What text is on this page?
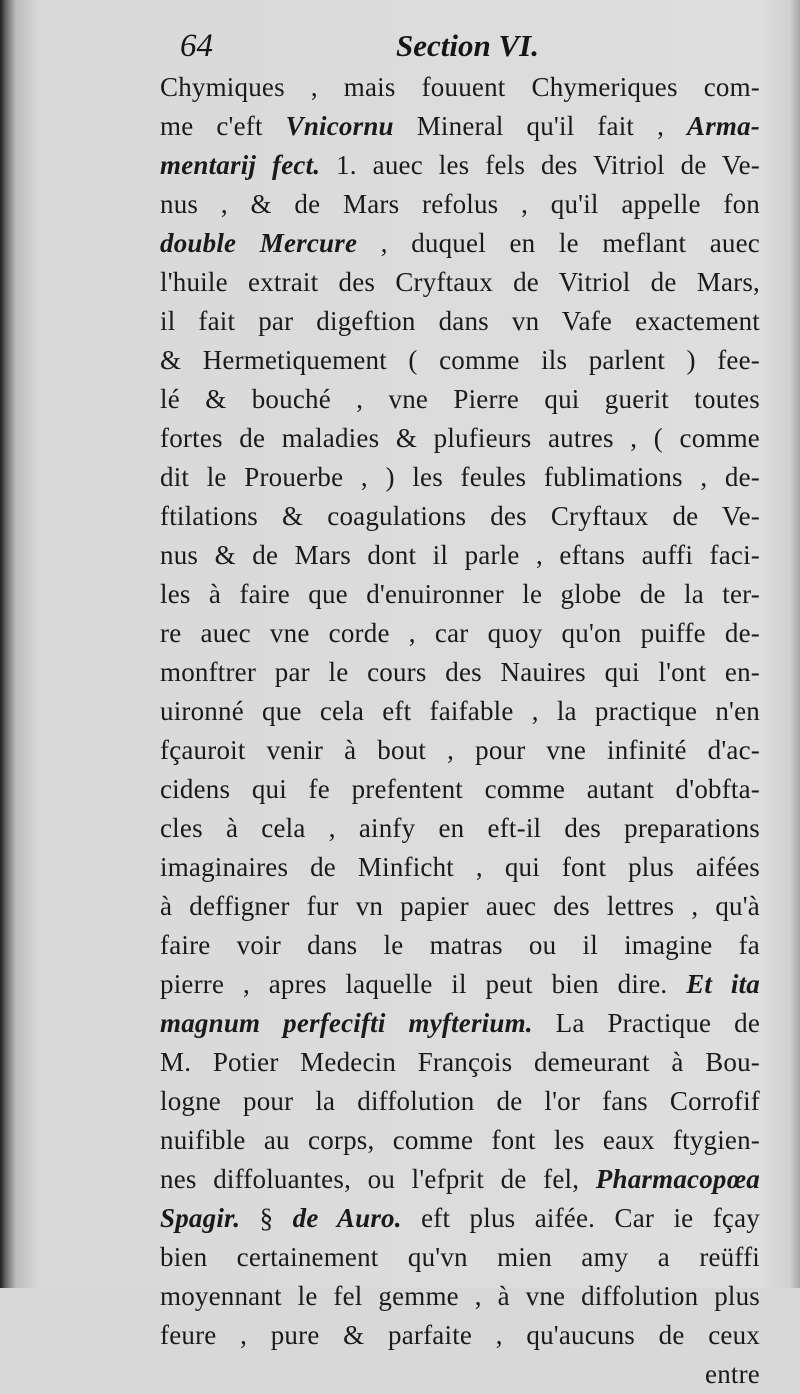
64	Section VI.
Chymiques , mais fouuent Chymeriques com-
me c'eft Vnicornu Mineral qu'il fait , Arma-
mentarij fect. 1. auec les fels des Vitriol de Ve-
nus , & de Mars refolus , qu'il appelle fon
double Mercure , duquel en le meflant auec
l'huile extrait des Cryftaux de Vitriol de Mars,
il fait par digeftion dans vn Vafe exactement
& Hermetiquement ( comme ils parlent ) fee-
lé & bouché , vne Pierre qui guerit toutes
fortes de maladies & plufieurs autres , ( comme
dit le Prouerbe , ) les feules fublimations , de-
ftilations & coagulations des Cryftaux de Ve-
nus & de Mars dont il parle , eftans auffi faci-
les à faire que d'enuironner le globe de la ter-
re auec vne corde , car quoy qu'on puiffe de-
monftrer par le cours des Nauires qui l'ont en-
uironné que cela eft faifable , la practique n'en
fçauroit venir à bout , pour vne infinité d'ac-
cidens qui fe prefentent comme autant d'obfta-
cles à cela , ainfy en eft-il des preparations
imaginaires de Minficht , qui font plus aifées
à deffigner fur vn papier auec des lettres , qu'à
faire voir dans le matras ou il imagine fa
pierre , apres laquelle il peut bien dire. Et ita
magnum perfecifti myfterium. La Practique de
M. Potier Medecin François demeurant à Bou-
logne pour la diffolution de l'or fans Corrofif
nuifible au corps, comme font les eaux ftygien-
nes diffoluantes, ou l'efprit de fel, Pharmacopœa
Spagir. § de Auro. eft plus aifée. Car ie fçay
bien certainement qu'vn mien amy a reüffi
moyennant le fel gemme , à vne diffolution plus
feure , pure & parfaite , qu'aucuns de ceux
entre
